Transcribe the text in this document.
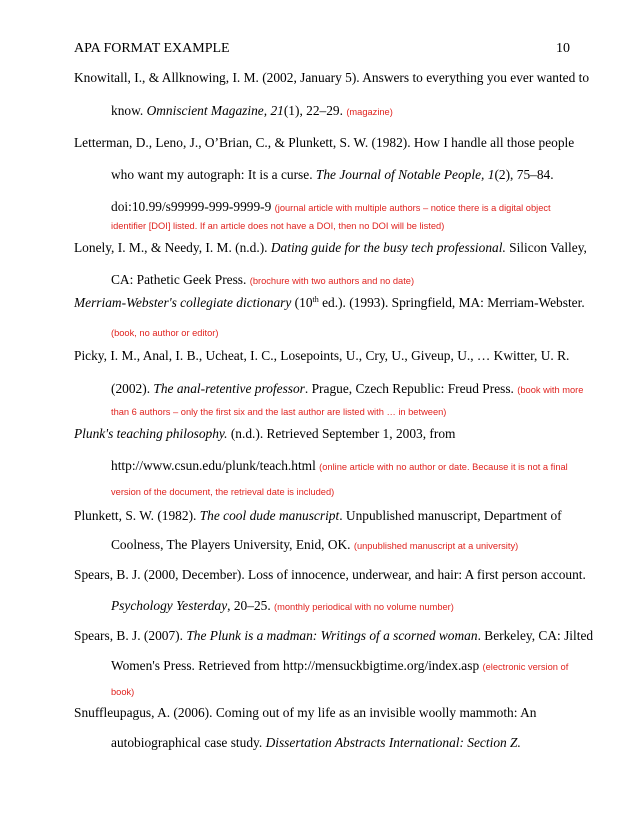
APA FORMAT EXAMPLE	10
Knowitall, I., & Allknowing, I. M. (2002, January 5). Answers to everything you ever wanted to
know. Omniscient Magazine, 21(1), 22–29. (magazine)
Letterman, D., Leno, J., O’Brian, C., & Plunkett, S. W. (1982). How I handle all those people
who want my autograph: It is a curse. The Journal of Notable People, 1(2), 75–84.
doi:10.99/s99999-999-9999-9 (journal article with multiple authors – notice there is a digital object
identifier [DOI] listed. If an article does not have a DOI, then no DOI will be listed)
Lonely, I. M., & Needy, I. M. (n.d.). Dating guide for the busy tech professional. Silicon Valley,
CA: Pathetic Geek Press. (brochure with two authors and no date)
Merriam-Webster's collegiate dictionary (10th ed.). (1993). Springfield, MA: Merriam-Webster.
(book, no author or editor)
Picky, I. M., Anal, I. B., Ucheat, I. C., Losepoints, U., Cry, U., Giveup, U., … Kwitter, U. R.
(2002). The anal-retentive professor. Prague, Czech Republic: Freud Press. (book with more
than 6 authors – only the first six and the last author are listed with … in between)
Plunk's teaching philosophy. (n.d.). Retrieved September 1, 2003, from
http://www.csun.edu/plunk/teach.html (online article with no author or date. Because it is not a final
version of the document, the retrieval date is included)
Plunkett, S. W. (1982). The cool dude manuscript. Unpublished manuscript, Department of
Coolness, The Players University, Enid, OK. (unpublished manuscript at a university)
Spears, B. J. (2000, December). Loss of innocence, underwear, and hair: A first person account.
Psychology Yesterday, 20–25. (monthly periodical with no volume number)
Spears, B. J. (2007). The Plunk is a madman: Writings of a scorned woman. Berkeley, CA: Jilted
Women's Press. Retrieved from http://mensuckbigtime.org/index.asp (electronic version of
book)
Snuffleupagus, A. (2006). Coming out of my life as an invisible woolly mammoth: An
autobiographical case study. Dissertation Abstracts International: Section Z.
